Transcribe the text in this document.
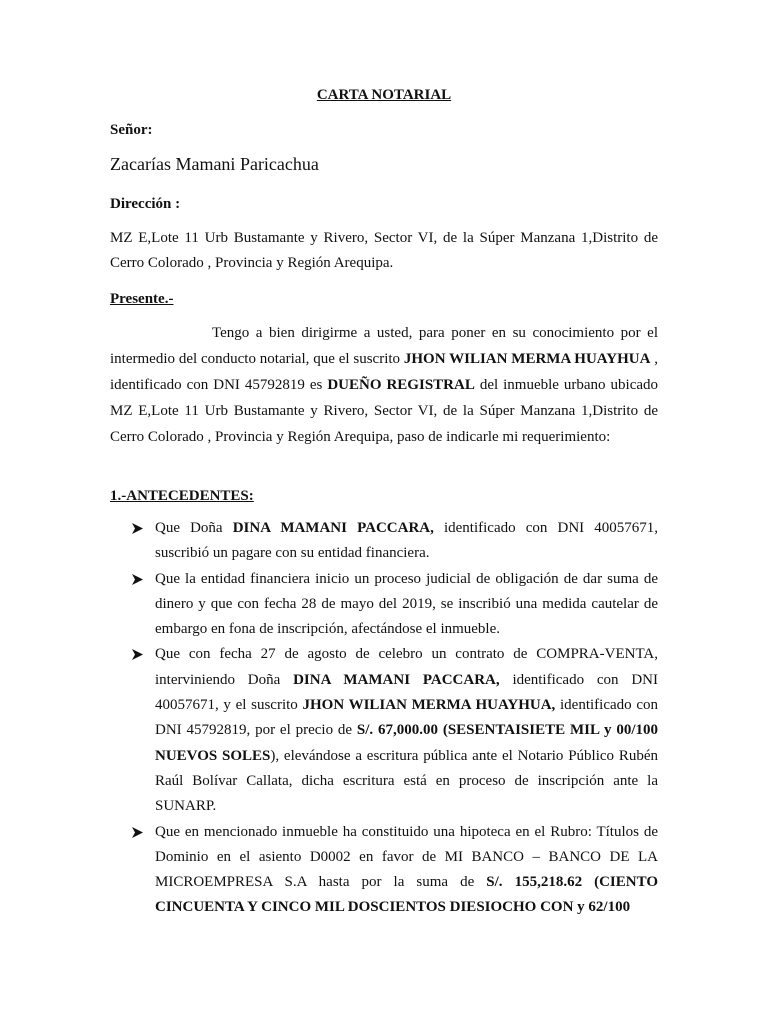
CARTA NOTARIAL
Señor:
Zacarías Mamani Paricachua
Dirección :
MZ E,Lote 11 Urb Bustamante y Rivero, Sector VI, de la Súper Manzana 1,Distrito de Cerro Colorado , Provincia y Región Arequipa.
Presente.-
Tengo a bien dirigirme a usted, para poner en su conocimiento por el intermedio del conducto notarial, que el suscrito JHON WILIAN MERMA HUAYHUA , identificado con DNI 45792819 es DUEÑO REGISTRAL del inmueble urbano ubicado MZ E,Lote 11 Urb Bustamante y Rivero, Sector VI, de la Súper Manzana 1,Distrito de Cerro Colorado , Provincia y Región Arequipa, paso de indicarle mi requerimiento:
1.-ANTECEDENTES:
Que Doña DINA MAMANI PACCARA, identificado con DNI 40057671, suscribió un pagare con su entidad financiera.
Que la entidad financiera inicio un proceso judicial de obligación de dar suma de dinero y que con fecha 28 de mayo del 2019, se inscribió una medida cautelar de embargo en fona de inscripción, afectándose el inmueble.
Que con fecha 27 de agosto de celebro un contrato de COMPRA-VENTA, interviniendo Doña DINA MAMANI PACCARA, identificado con DNI 40057671, y el suscrito JHON WILIAN MERMA HUAYHUA, identificado con DNI 45792819, por el precio de S/. 67,000.00 (SESENTAISIETE MIL y 00/100 NUEVOS SOLES), elevándose a escritura pública ante el Notario Público Rubén Raúl Bolívar Callata, dicha escritura está en proceso de inscripción ante la SUNARP.
Que en mencionado inmueble ha constituido una hipoteca en el Rubro: Títulos de Dominio en el asiento D0002 en favor de MI BANCO – BANCO DE LA MICROEMPRESA S.A hasta por la suma de S/. 155,218.62 (CIENTO CINCUENTA Y CINCO MIL DOSCIENTOS DIESIOCHO CON y 62/100
